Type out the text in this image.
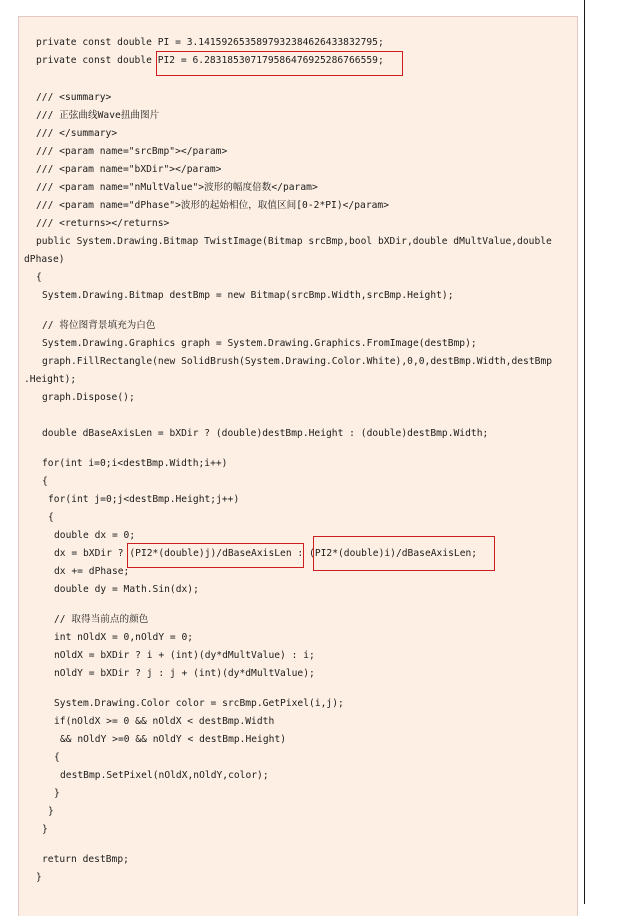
private const double PI = 3.1415926535897932384626433832795;
private const double PI2 = 6.283185307179586476925286766559;
/// <summary>
/// 正弦曲线Wave扭曲图片
/// </summary>
/// <param name="srcBmp"></param>
/// <param name="bXDir"></param>
/// <param name="nMultValue">波形的幅度倍数</param>
/// <param name="dPhase">波形的起始相位，取值区间[0-2*PI)</param>
/// <returns></returns>
public System.Drawing.Bitmap TwistImage(Bitmap srcBmp,bool bXDir,double dMultValue,double
dPhase)
{
System.Drawing.Bitmap destBmp = new Bitmap(srcBmp.Width,srcBmp.Height);
// 将位图背景填充为白色
System.Drawing.Graphics graph = System.Drawing.Graphics.FromImage(destBmp);
graph.FillRectangle(new SolidBrush(System.Drawing.Color.White),0,0,destBmp.Width,destBmp
.Height);
graph.Dispose();
double dBaseAxisLen = bXDir ? (double)destBmp.Height : (double)destBmp.Width;
for(int i=0;i<destBmp.Width;i++)
{
for(int j=0;j<destBmp.Height;j++)
{
double dx = 0;
dx = bXDir ? (PI2*(double)j)/dBaseAxisLen : (PI2*(double)i)/dBaseAxisLen;
dx += dPhase;
double dy = Math.Sin(dx);
// 取得当前点的颜色
int nOldX = 0,nOldY = 0;
nOldX = bXDir ? i + (int)(dy*dMultValue) : i;
nOldY = bXDir ? j : j + (int)(dy*dMultValue);
System.Drawing.Color color = srcBmp.GetPixel(i,j);
if(nOldX >= 0 && nOldX < destBmp.Width
&& nOldY >=0 && nOldY < destBmp.Height)
{
destBmp.SetPixel(nOldX,nOldY,color);
}
}
}
return destBmp;
}
